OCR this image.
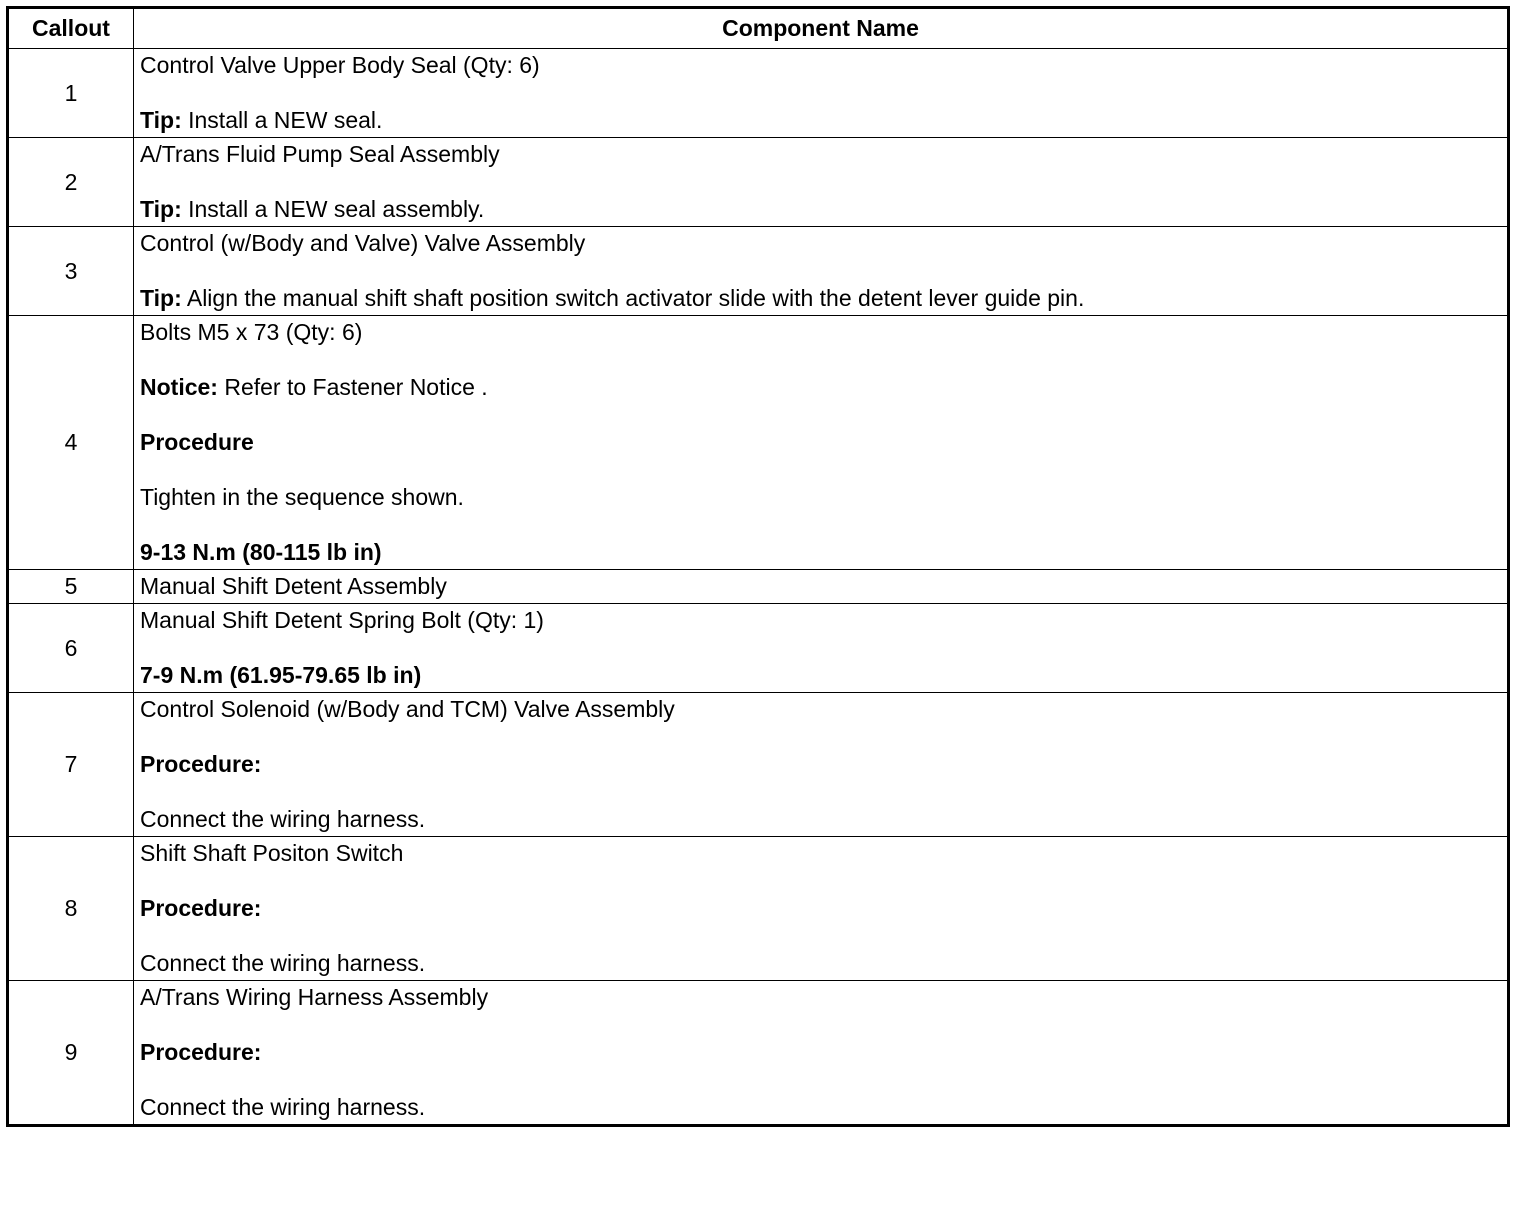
Callout	Component Name
1	Control Valve Upper Body Seal (Qty: 6)
Tip: Install a NEW seal.

2	A/Trans Fluid Pump Seal Assembly
Tip: Install a NEW seal assembly.

3	Control (w/Body and Valve) Valve Assembly
Tip: Align the manual shift shaft position switch activator slide with the detent lever guide pin.

4	Bolts M5 x 73 (Qty: 6)
Notice: Refer to Fastener Notice .
Procedure
Tighten in the sequence shown.
9-13 N.m (80-115 lb in)

5	Manual Shift Detent Assembly

6	Manual Shift Detent Spring Bolt (Qty: 1)
7-9 N.m (61.95-79.65 lb in)

7	Control Solenoid (w/Body and TCM) Valve Assembly
Procedure:
Connect the wiring harness.

8	Shift Shaft Positon Switch
Procedure:
Connect the wiring harness.

9	A/Trans Wiring Harness Assembly
Procedure:
Connect the wiring harness.
